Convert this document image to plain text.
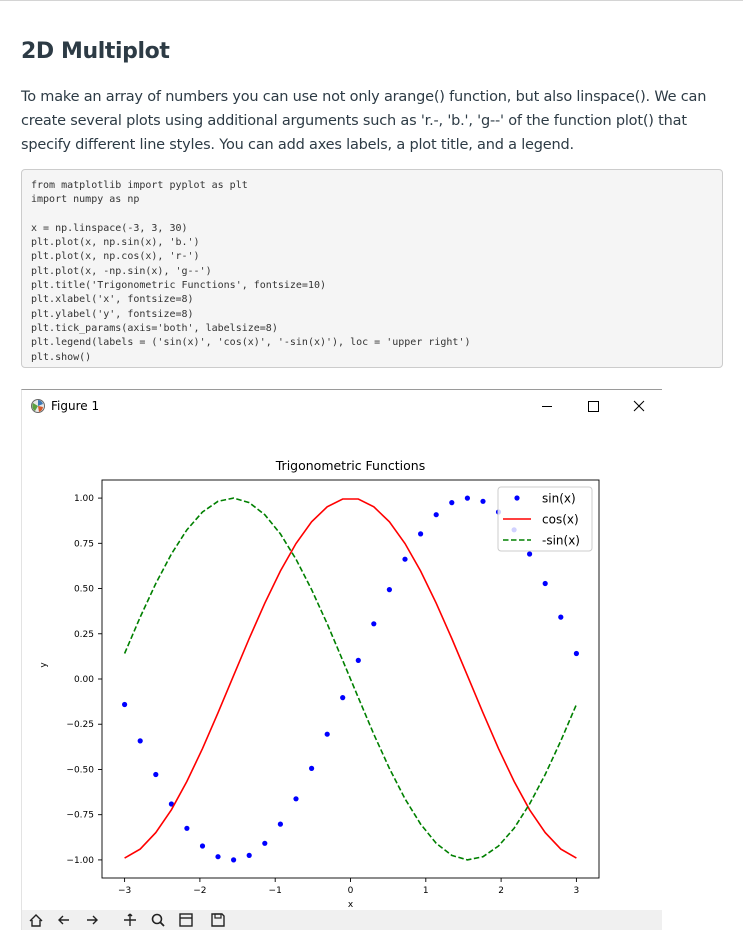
2D Multiplot

To make an array of numbers you can use not only arange() function, but also linspace(). We can create several plots using additional arguments such as 'r.-, 'b.', 'g--' of the function plot() that specify different line styles. You can add axes labels, a plot title, and a legend.

from matplotlib import pyplot as plt
import numpy as np

x = np.linspace(-3, 3, 30)
plt.plot(x, np.sin(x), 'b.')
plt.plot(x, np.cos(x), 'r-')
plt.plot(x, -np.sin(x), 'g--')
plt.title('Trigonometric Functions', fontsize=10)
plt.xlabel('x', fontsize=8)
plt.ylabel('y', fontsize=8)
plt.tick_params(axis='both', labelsize=8)
plt.legend(labels = ('sin(x)', 'cos(x)', '-sin(x)'), loc = 'upper right')
plt.show()

Figure 1
Trigonometric Functions
−3	−2	−1	0	1	2	3
1.00
0.75
0.50
0.25
0.00
−0.25
−0.50
−0.75
−1.00
x
y
sin(x)
cos(x)
-sin(x)
